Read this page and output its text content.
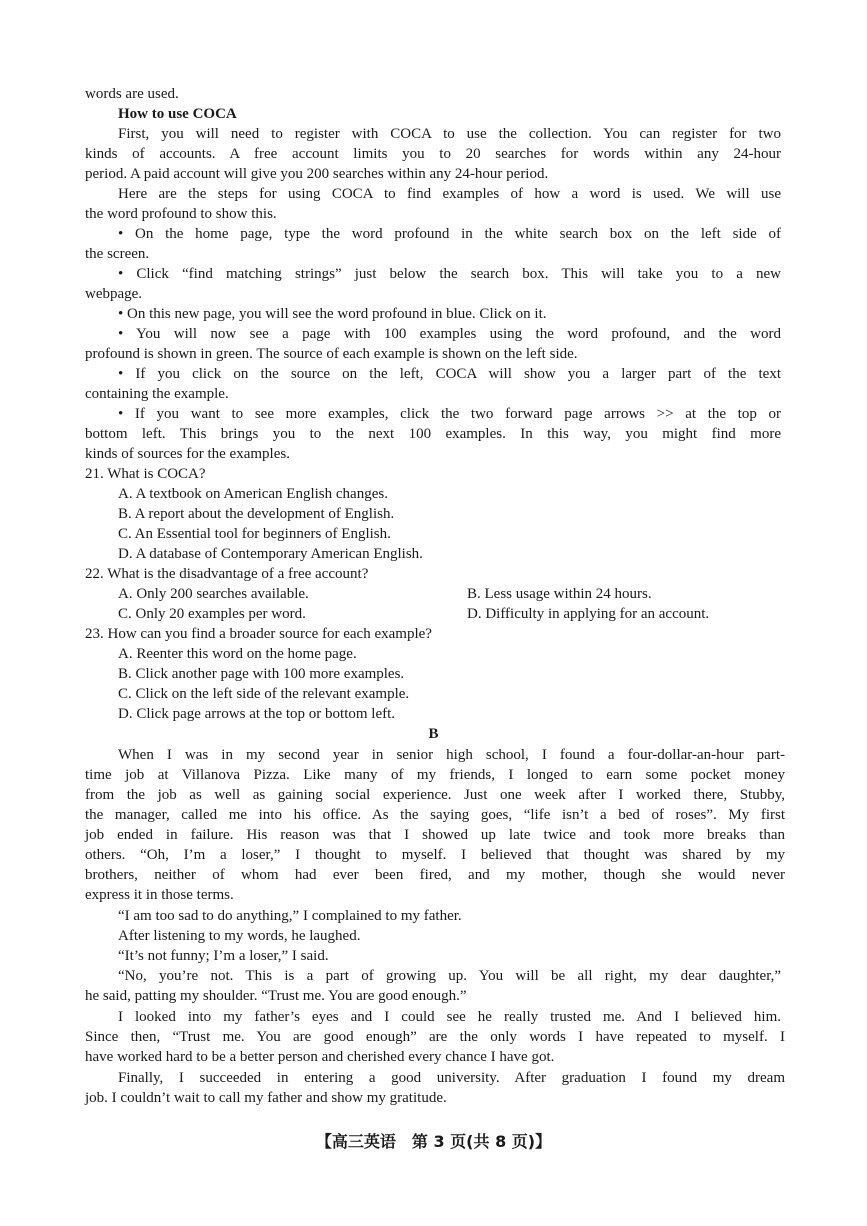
words are used.
How to use COCA
First, you will need to register with COCA to use the collection. You can register for two
kinds of accounts. A free account limits you to 20 searches for words within any 24-hour
period. A paid account will give you 200 searches within any 24-hour period.
Here are the steps for using COCA to find examples of how a word is used. We will use
the word profound to show this.
• On the home page, type the word profound in the white search box on the left side of
the screen.
• Click “find matching strings” just below the search box. This will take you to a new
webpage.
• On this new page, you will see the word profound in blue. Click on it.
• You will now see a page with 100 examples using the word profound, and the word
profound is shown in green. The source of each example is shown on the left side.
• If you click on the source on the left, COCA will show you a larger part of the text
containing the example.
• If you want to see more examples, click the two forward page arrows >> at the top or
bottom left. This brings you to the next 100 examples. In this way, you might find more
kinds of sources for the examples.
21. What is COCA?
A. A textbook on American English changes.
B. A report about the development of English.
C. An Essential tool for beginners of English.
D. A database of Contemporary American English.
22. What is the disadvantage of a free account?
A. Only 200 searches available.	B. Less usage within 24 hours.
C. Only 20 examples per word.	D. Difficulty in applying for an account.
23. How can you find a broader source for each example?
A. Reenter this word on the home page.
B. Click another page with 100 more examples.
C. Click on the left side of the relevant example.
D. Click page arrows at the top or bottom left.
B
When I was in my second year in senior high school, I found a four-dollar-an-hour part-
time job at Villanova Pizza. Like many of my friends, I longed to earn some pocket money
from the job as well as gaining social experience. Just one week after I worked there, Stubby,
the manager, called me into his office. As the saying goes, “life isn’t a bed of roses”. My first
job ended in failure. His reason was that I showed up late twice and took more breaks than
others. “Oh, I’m a loser,” I thought to myself. I believed that thought was shared by my
brothers, neither of whom had ever been fired, and my mother, though she would never
express it in those terms.
“I am too sad to do anything,” I complained to my father.
After listening to my words, he laughed.
“It’s not funny; I’m a loser,” I said.
“No, you’re not. This is a part of growing up. You will be all right, my dear daughter,”
he said, patting my shoulder. “Trust me. You are good enough.”
I looked into my father’s eyes and I could see he really trusted me. And I believed him.
Since then, “Trust me. You are good enough” are the only words I have repeated to myself. I
have worked hard to be a better person and cherished every chance I have got.
Finally, I succeeded in entering a good university. After graduation I found my dream
job. I couldn’t wait to call my father and show my gratitude.
【高三英语　第 3 页(共 8 页)】
